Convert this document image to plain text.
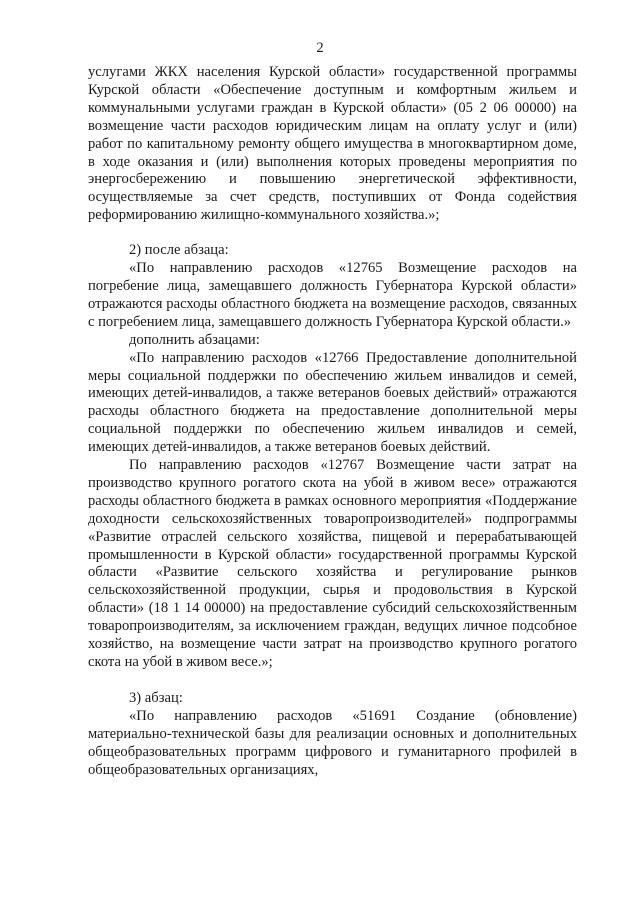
2

услугами ЖКХ населения Курской области» государственной программы Курской области «Обеспечение доступным и комфортным жильем и коммунальными услугами граждан в Курской области» (05 2 06 00000) на возмещение части расходов юридическим лицам на оплату услуг и (или) работ по капитальному ремонту общего имущества в многоквартирном доме, в ходе оказания и (или) выполнения которых проведены мероприятия по энергосбережению и повышению энергетической эффективности, осуществляемые за счет средств, поступивших от Фонда содействия реформированию жилищно-коммунального хозяйства.»;

2) после абзаца:

«По направлению расходов «12765 Возмещение расходов на погребение лица, замещавшего должность Губернатора Курской области» отражаются расходы областного бюджета на возмещение расходов, связанных с погребением лица, замещавшего должность Губернатора Курской области.»

дополнить абзацами:

«По направлению расходов «12766 Предоставление дополнительной меры социальной поддержки по обеспечению жильем инвалидов и семей, имеющих детей-инвалидов, а также ветеранов боевых действий» отражаются расходы областного бюджета на предоставление дополнительной меры социальной поддержки по обеспечению жильем инвалидов и семей, имеющих детей-инвалидов, а также ветеранов боевых действий.

По направлению расходов «12767 Возмещение части затрат на производство крупного рогатого скота на убой в живом весе» отражаются расходы областного бюджета в рамках основного мероприятия «Поддержание доходности сельскохозяйственных товаропроизводителей» подпрограммы «Развитие отраслей сельского хозяйства, пищевой и перерабатывающей промышленности в Курской области» государственной программы Курской области «Развитие сельского хозяйства и регулирование рынков сельскохозяйственной продукции, сырья и продовольствия в Курской области» (18 1 14 00000) на предоставление субсидий сельскохозяйственным товаропроизводителям, за исключением граждан, ведущих личное подсобное хозяйство, на возмещение части затрат на производство крупного рогатого скота на убой в живом весе.»;

3) абзац:

«По направлению расходов «51691 Создание (обновление) материально-технической базы для реализации основных и дополнительных общеобразовательных программ цифрового и гуманитарного профилей в общеобразовательных организациях,
